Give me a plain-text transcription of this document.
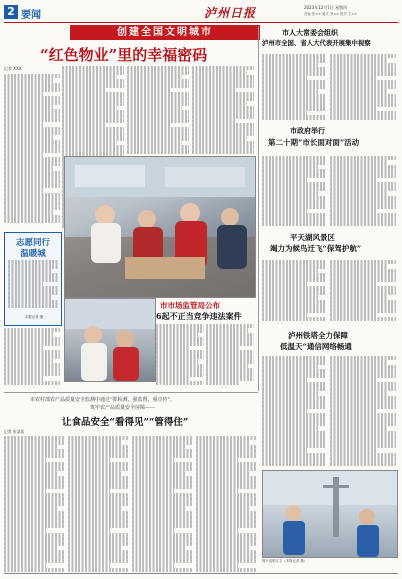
2 要闻	泸州日报	2023年12月7日 星期四
责编 张×× 版式 李×× 校对 王××
创建全国文明城市
“红色物业”里的幸福密码
记者 XXX
志愿同行
温暖城
本报记者 摄
市市场监管局公布
6起不正当竞争违法案件
市人大常委会组织
泸州市全国、省人大代表开展集中视察
市政府举行
第二十期“市长面对面”活动
平天湖风景区
竭力为候鸟迁飞“保驾护航”
泸州铁塔全力保障
低温天“通信网络畅通
市农村部农产品质量安全监测中通过“抓检测、强监督、重宣传”，
筑牢农产品质量安全屏障——
让食品安全“看得见”“管得住”
记者 张某某
图片说明文字（本报记者 摄）
